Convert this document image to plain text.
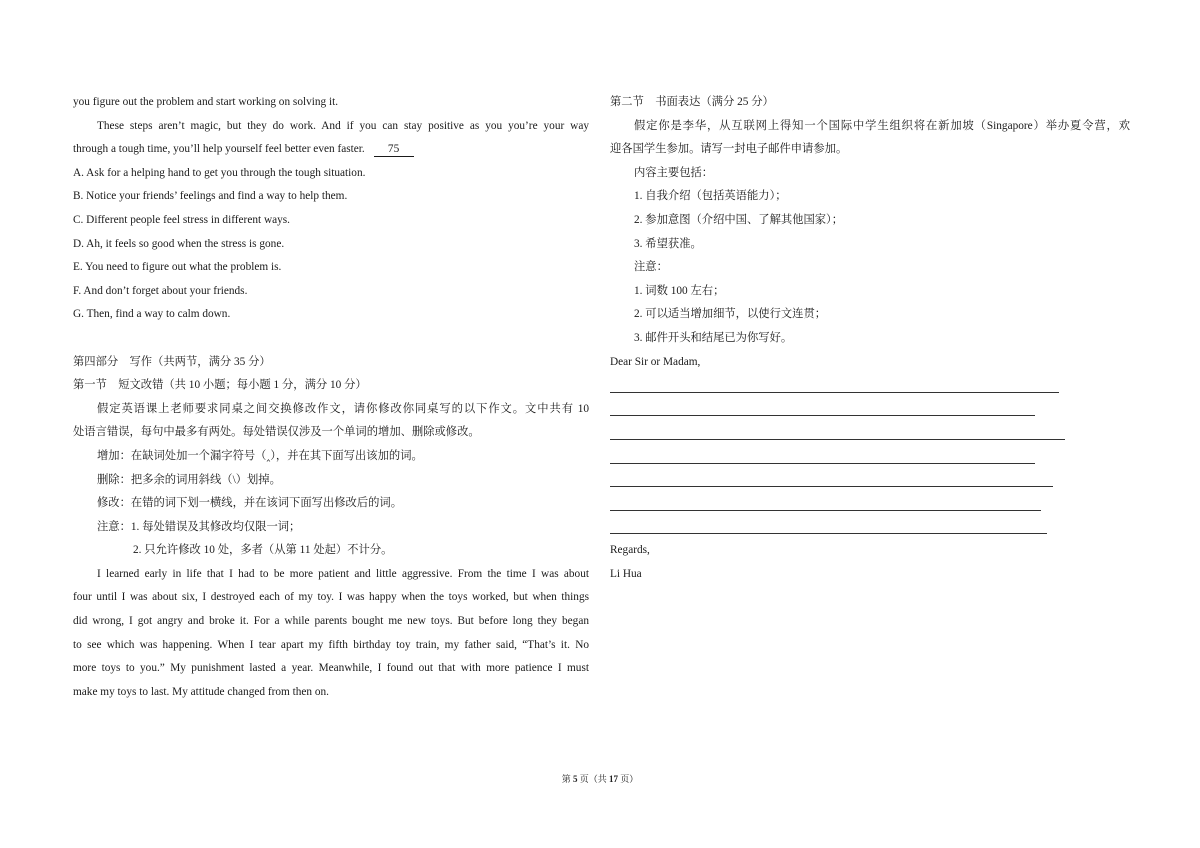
you figure out the problem and start working on solving it.
These steps aren’t magic, but they do work. And if you can stay positive as you you’re your way
through a tough time, you’ll help yourself feel better even faster. 75
A. Ask for a helping hand to get you through the tough situation.
B. Notice your friends’ feelings and find a way to help them.
C. Different people feel stress in different ways.
D. Ah, it feels so good when the stress is gone.
E. You need to figure out what the problem is.
F. And don’t forget about your friends.
G. Then, find a way to calm down.
第四部分　写作（共两节，满分 35 分）
第一节　短文改错（共 10 小题；每小题 1 分，满分 10 分）
假定英语课上老师要求同桌之间交换修改作文，请你修改你同桌写的以下作文。文中共有 10
处语言错误，每句中最多有两处。每处错误仅涉及一个单词的增加、删除或修改。
增加：在缺词处加一个漏字符号（‸），并在其下面写出该加的词。
删除：把多余的词用斜线（\）划掉。
修改：在错的词下划一横线，并在该词下面写出修改后的词。
注意：1. 每处错误及其修改均仅限一词；
2. 只允许修改 10 处，多者（从第 11 处起）不计分。
I learned early in life that I had to be more patient and little aggressive. From the time I was about
four until I was about six, I destroyed each of my toy. I was happy when the toys worked, but when things
did wrong, I got angry and broke it. For a while parents bought me new toys. But before long they began
to see which was happening. When I tear apart my fifth birthday toy train, my father said, “That’s it. No
more toys to you.” My punishment lasted a year. Meanwhile, I found out that with more patience I must
make my toys to last. My attitude changed from then on.
第二节　书面表达（满分 25 分）
假定你是李华，从互联网上得知一个国际中学生组织将在新加坡（Singapore）举办夏令营，欢
迎各国学生参加。请写一封电子邮件申请参加。
内容主要包括：
1. 自我介绍（包括英语能力）；
2. 参加意图（介绍中国、了解其他国家）；
3. 希望获准。
注意：
1. 词数 100 左右；
2. 可以适当增加细节，以使行文连贯；
3. 邮件开头和结尾已为你写好。
Dear Sir or Madam,
Regards,
Li Hua
第 5 页（共 17 页）
